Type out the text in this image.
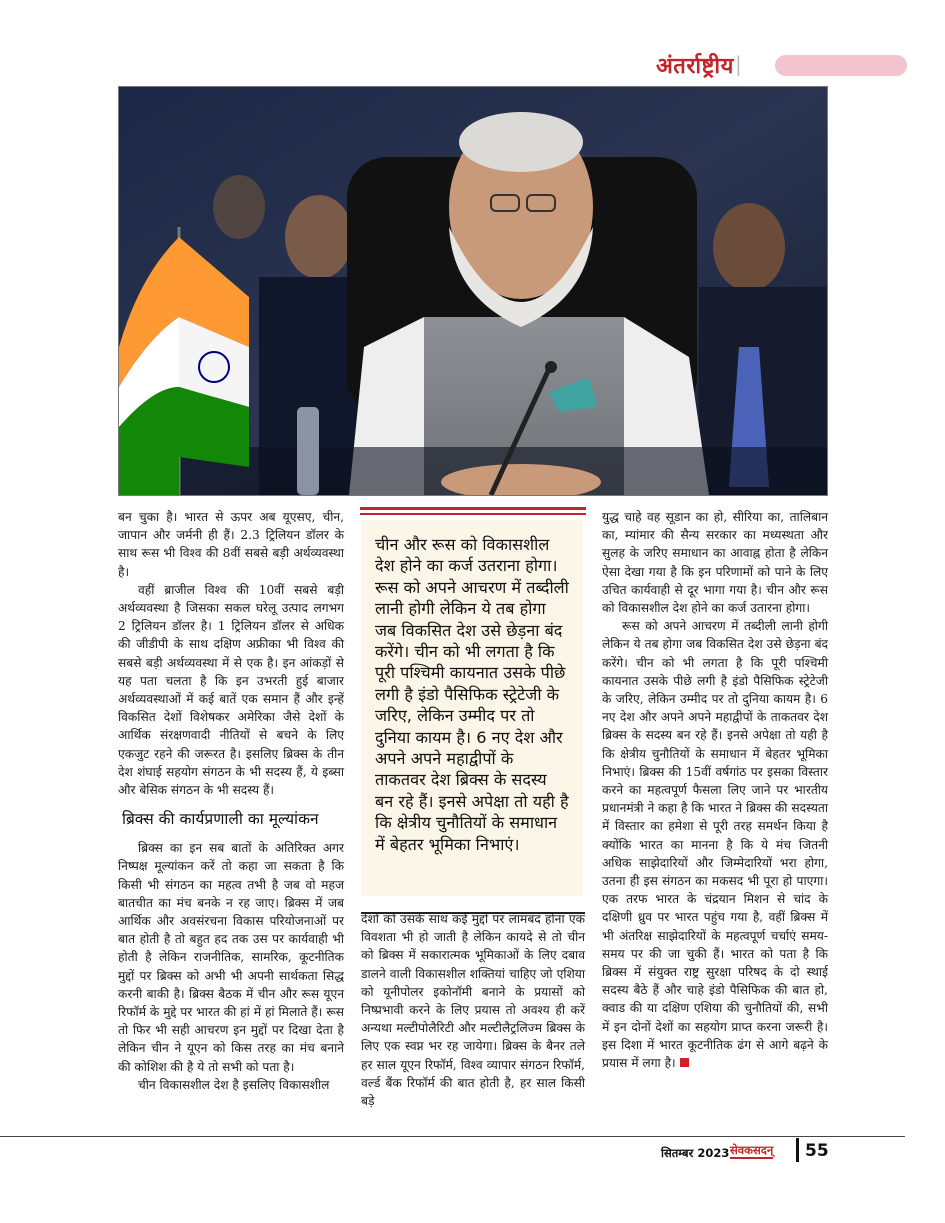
अंतर्राष्ट्रीय |

बन चुका है। भारत से ऊपर अब यूएसए, चीन, जापान और जर्मनी ही हैं। 2.3 ट्रिलियन डॉलर के साथ रूस भी विश्व की 8वीं सबसे बड़ी अर्थव्यवस्था है।

वहीं ब्राजील विश्व की 10वीं सबसे बड़ी अर्थव्यवस्था है जिसका सकल घरेलू उत्पाद लगभग 2 ट्रिलियन डॉलर है। 1 ट्रिलियन डॉलर से अधिक की जीडीपी के साथ दक्षिण अफ्रीका भी विश्व की सबसे बड़ी अर्थव्यवस्था में से एक है। इन आंकड़ों से यह पता चलता है कि इन उभरती हुई बाजार अर्थव्यवस्थाओं में कई बातें एक समान हैं और इन्हें विकसित देशों विशेषकर अमेरिका जैसे देशों के आर्थिक संरक्षणवादी नीतियों से बचने के लिए एकजुट रहने की जरूरत है। इसलिए ब्रिक्स के तीन देश शंघाई सहयोग संगठन के भी सदस्य हैं, ये इब्सा और बेसिक संगठन के भी सदस्य हैं।

ब्रिक्स की कार्यप्रणाली का मूल्यांकन

ब्रिक्स का इन सब बातों के अतिरिक्त अगर निष्पक्ष मूल्यांकन करें तो कहा जा सकता है कि किसी भी संगठन का महत्व तभी है जब वो महज बातचीत का मंच बनके न रह जाए। ब्रिक्स में जब आर्थिक और अवसंरचना विकास परियोजनाओं पर बात होती है तो बहुत हद तक उस पर कार्यवाही भी होती है लेकिन राजनीतिक, सामरिक, कूटनीतिक मुद्दों पर ब्रिक्स को अभी भी अपनी सार्थकता सिद्ध करनी बाकी है। ब्रिक्स बैठक में चीन और रूस यूएन रिफॉर्म के मुद्दे पर भारत की हां में हां मिलाते हैं। रूस तो फिर भी सही आचरण इन मुद्दों पर दिखा देता है लेकिन चीन ने यूएन को किस तरह का मंच बनाने की कोशिश की है ये तो सभी को पता है।

चीन विकासशील देश है इसलिए विकासशील

चीन और रूस को विकासशील देश होने का कर्ज उतराना होगा। रूस को अपने आचरण में तब्दीली लानी होगी लेकिन ये तब होगा जब विकसित देश उसे छेड़ना बंद करेंगे। चीन को भी लगता है कि पूरी पश्चिमी कायनात उसके पीछे लगी है इंडो पैसिफिक स्ट्रेटेजी के जरिए, लेकिन उम्मीद पर तो दुनिया कायम है। 6 नए देश और अपने अपने महाद्वीपों के ताकतवर देश ब्रिक्स के सदस्य बन रहे हैं। इनसे अपेक्षा तो यही है कि क्षेत्रीय चुनौतियों के समाधान में बेहतर भूमिका निभाएं।

देशों को उसके साथ कई मुद्दों पर लामबंद होना एक विवशता भी हो जाती है लेकिन कायदे से तो चीन को ब्रिक्स में सकारात्मक भूमिकाओं के लिए दबाव डालने वाली विकासशील शक्तियां चाहिए जो एशिया को यूनीपोलर इकोनॉमी बनाने के प्रयासों को निष्प्रभावी करने के लिए प्रयास तो अवश्य ही करें अन्यथा मल्टीपोलैरिटी और मल्टीलैट्रलिज्म ब्रिक्स के लिए एक स्वप्न भर रह जायेगा। ब्रिक्स के बैनर तले हर साल यूएन रिफॉर्म, विश्व व्यापार संगठन रिफॉर्म, वर्ल्ड बैंक रिफॉर्म की बात होती है, हर साल किसी बड़े

युद्ध चाहे वह सूडान का हो, सीरिया का, तालिबान का, म्यांमार की सैन्य सरकार का मध्यस्थता और सुलह के जरिए समाधान का आवाह्न होता है लेकिन ऐसा देखा गया है कि इन परिणामों को पाने के लिए उचित कार्यवाही से दूर भागा गया है। चीन और रूस को विकासशील देश होने का कर्ज उतारना होगा।

रूस को अपने आचरण में तब्दीली लानी होगी लेकिन ये तब होगा जब विकसित देश उसे छेड़ना बंद करेंगे। चीन को भी लगता है कि पूरी पश्चिमी कायनात उसके पीछे लगी है इंडो पैसिफिक स्ट्रेटेजी के जरिए, लेकिन उम्मीद पर तो दुनिया कायम है। 6 नए देश और अपने अपने महाद्वीपों के ताकतवर देश ब्रिक्स के सदस्य बन रहे हैं। इनसे अपेक्षा तो यही है कि क्षेत्रीय चुनौतियों के समाधान में बेहतर भूमिका निभाएं। ब्रिक्स की 15वीं वर्षगांठ पर इसका विस्तार करने का महत्वपूर्ण फैसला लिए जाने पर भारतीय प्रधानमंत्री ने कहा है कि भारत ने ब्रिक्स की सदस्यता में विस्तार का हमेशा से पूरी तरह समर्थन किया है क्योंकि भारत का मानना है कि ये मंच जितनी अधिक साझेदारियों और जिम्मेदारियों भरा होगा, उतना ही इस संगठन का मकसद भी पूरा हो पाएगा। एक तरफ भारत के चंद्रयान मिशन से चांद के दक्षिणी ध्रुव पर भारत पहुंच गया है, वहीं ब्रिक्स में भी अंतरिक्ष साझेदारियों के महत्वपूर्ण चर्चाएं समय-समय पर की जा चुकी हैं। भारत को पता है कि ब्रिक्स में संयुक्त राष्ट्र सुरक्षा परिषद के दो स्थाई सदस्य बैठे हैं और चाहे इंडो पैसिफिक की बात हो, क्वाड की या दक्षिण एशिया की चुनौतियों की, सभी में इन दोनों देशों का सहयोग प्राप्त करना जरूरी है। इस दिशा में भारत कूटनीतिक ढंग से आगे बढ़ने के प्रयास में लगा है।

सितम्बर 2023 सेवकसदन् 55
